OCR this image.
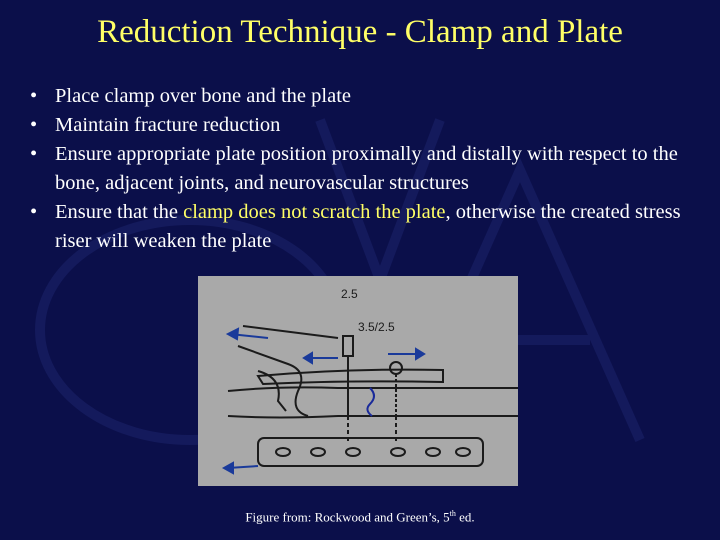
Reduction Technique - Clamp and Plate
• Place clamp over bone and the plate
• Maintain fracture reduction
• Ensure appropriate plate position proximally and distally with respect to the bone, adjacent joints, and neurovascular structures
• Ensure that the clamp does not scratch the plate, otherwise the created stress riser will weaken the plate
2.5
3.5/2.5
Figure from: Rockwood and Green’s, 5th ed.
